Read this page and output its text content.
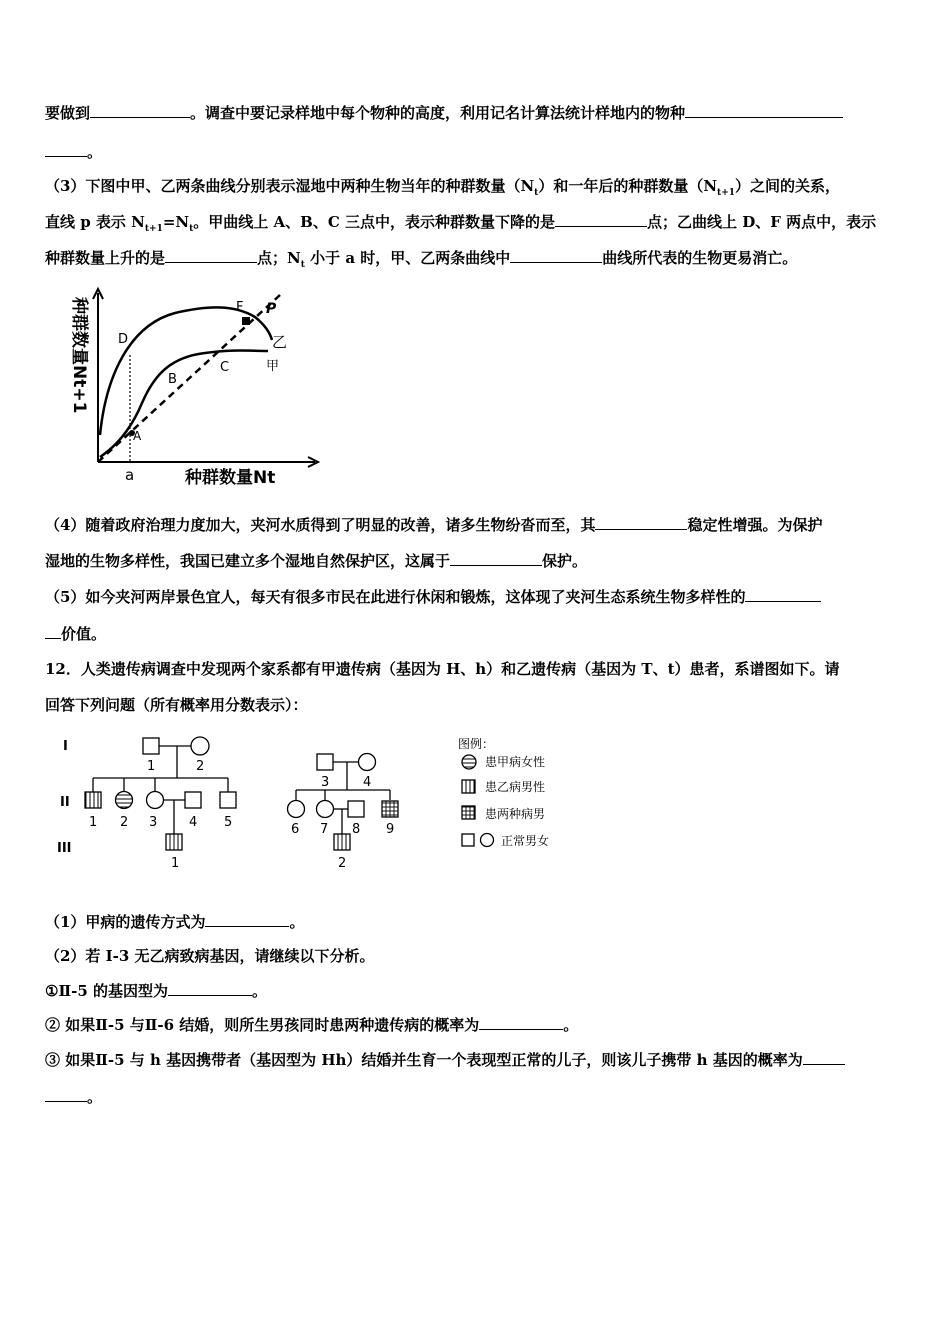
要做到	。调查中要记录样地中每个物种的高度，利用记名计算法统计样地内的物种
。
（3）下图中甲、乙两条曲线分别表示湿地中两种生物当年的种群数量$(N_t)$和一年后的种群数量$(N_{t+1})$之间的关系，
直线 p 表示 $N_{t+1}=N_t$。甲曲线上 A、B、C 三点中，表示种群数量下降的是	点；乙曲线上 D、F 两点中，表示
种群数量上升的是	点；$N_t$ 小于 a 时，甲、乙两条曲线中	曲线所代表的生物更易消亡。
种群数量Nt+1
种群数量Nt
a
D
F P
乙
甲
B
C
A
（4）随着政府治理力度加大，夹河水质得到了明显的改善，诸多生物纷沓而至，其	稳定性增强。为保护
湿地的生物多样性，我国已建立多个湿地自然保护区，这属于	保护。
（5）如今夹河两岸景色宜人，每天有很多市民在此进行休闲和锻炼，这体现了夹河生态系统生物多样性的
价值。
12．人类遗传病调查中发现两个家系都有甲遗传病（基因为 H、h）和乙遗传病（基因为 T、t）患者，系谱图如下。请
回答下列问题（所有概率用分数表示）：
I
II
III
1	2
1 2 3 4 5
1
3	4
6 7 8 9
2
图例：
患甲病女性
患乙病男性
患两种病男
正常男女
（1）甲病的遗传方式为	。
（2）若 I-3 无乙病致病基因，请继续以下分析。
①Ⅱ-5 的基因型为	。
② 如果Ⅱ-5 与Ⅱ-6 结婚，则所生男孩同时患两种遗传病的概率为	。
③ 如果Ⅱ-5 与 h 基因携带者（基因型为 Hh）结婚并生育一个表现型正常的儿子，则该儿子携带 h 基因的概率为
。
